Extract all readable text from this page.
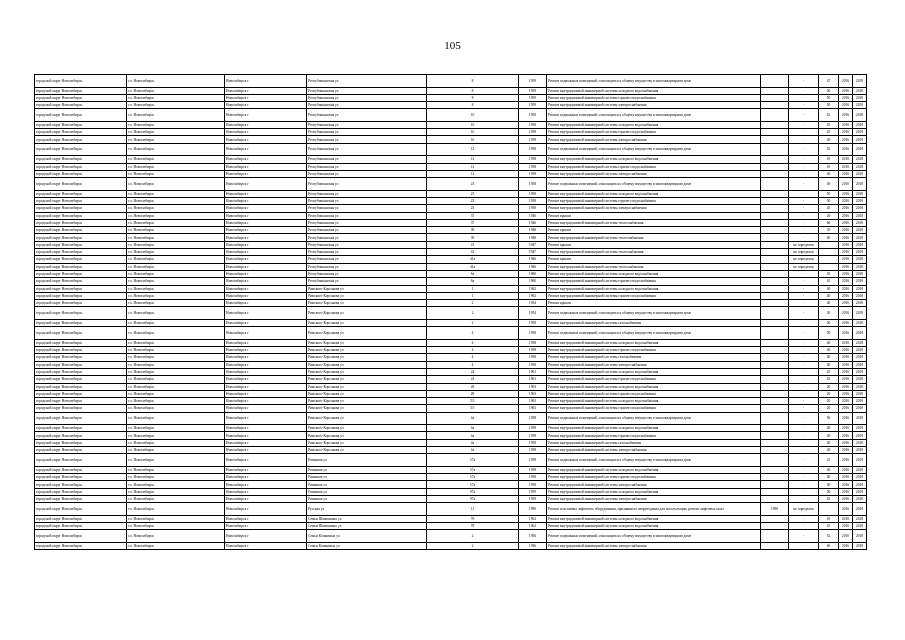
105
городской округ Новосибирск	г.о. Новосибирск	Новосибирск г	Республиканская ул	8	1959	Ремонт подвальных помещений, относящихся к общему имуществу в многоквартирном доме		-	47	2016	2018
городской округ Новосибирск	г.о. Новосибирск	Новосибирск г	Республиканская ул	8	1959	Ремонт внутридомовой инженерной системы холодного водоснабжения		-	50	2016	2018
городской округ Новосибирск	г.о. Новосибирск	Новосибирск г	Республиканская ул	8	1959	Ремонт внутридомовой инженерной системы горячего водоснабжения		-	50	2016	2018
городской округ Новосибирск	г.о. Новосибирск	Новосибирск г	Республиканская ул	8	1959	Ремонт внутридомовой инженерной системы электроснабжения		-	50	2016	2018
городской округ Новосибирск	г.о. Новосибирск	Новосибирск г	Республиканская ул	10	1958	Ремонт подвальных помещений, относящихся к общему имуществу в многоквартирном доме		-	43	2016	2018
городской округ Новосибирск	г.о. Новосибирск	Новосибирск г	Республиканская ул	10	1958	Ремонт внутридомовой инженерной системы холодного водоснабжения		-	45	2016	2018
городской округ Новосибирск	г.о. Новосибирск	Новосибирск г	Республиканская ул	10	1958	Ремонт внутридомовой инженерной системы горячего водоснабжения		-	45	2016	2018
городской округ Новосибирск	г.о. Новосибирск	Новосибирск г	Республиканская ул	10	1958	Ремонт внутридомовой инженерной системы электроснабжения		-	40	2016	2018
городской округ Новосибирск	г.о. Новосибирск	Новосибирск г	Республиканская ул	12	1958	Ремонт подвальных помещений, относящихся к общему имуществу в многоквартирном доме		-	43	2016	2018
городской округ Новосибирск	г.о. Новосибирск	Новосибирск г	Республиканская ул	12	1958	Ремонт внутридомовой инженерной системы холодного водоснабжения		-	45	2016	2018
городской округ Новосибирск	г.о. Новосибирск	Новосибирск г	Республиканская ул	12	1958	Ремонт внутридомовой инженерной системы горячего водоснабжения		-	45	2016	2018
городской округ Новосибирск	г.о. Новосибирск	Новосибирск г	Республиканская ул	12	1958	Ремонт внутридомовой инженерной системы электроснабжения		-	40	2016	2018
городской округ Новосибирск	г.о. Новосибирск	Новосибирск г	Республиканская ул	23	1958	Ремонт подвальных помещений, относящихся к общему имуществу в многоквартирном доме		-	49	2016	2018
городской округ Новосибирск	г.о. Новосибирск	Новосибирск г	Республиканская ул	23	1958	Ремонт внутридомовой инженерной системы холодного водоснабжения		-	50	2016	2018
городской округ Новосибирск	г.о. Новосибирск	Новосибирск г	Республиканская ул	23	1958	Ремонт внутридомовой инженерной системы горячего водоснабжения		-	50	2016	2018
городской округ Новосибирск	г.о. Новосибирск	Новосибирск г	Республиканская ул	23	1958	Ремонт внутридомовой инженерной системы электроснабжения		-	45	2016	2018
городской округ Новосибирск	г.о. Новосибирск	Новосибирск г	Республиканская ул	37	1946	Ремонт крыши		-	20	2016	2018
городской округ Новосибирск	г.о. Новосибирск	Новосибирск г	Республиканская ул	37	1946	Ремонт внутридомовой инженерной системы теплоснабжения		-	60	2016	2018
городской округ Новосибирск	г.о. Новосибирск	Новосибирск г	Республиканская ул	39	1948	Ремонт крыши		-	35	2016	2018
городской округ Новосибирск	г.о. Новосибирск	Новосибирск г	Республиканская ул	39	1948	Ремонт внутридомовой инженерной системы теплоснабжения		-	60	2016	2018
городской округ Новосибирск	г.о. Новосибирск	Новосибирск г	Республиканская ул	41	1947	Ремонт крыши		не определен		2016	2018
городской округ Новосибирск	г.о. Новосибирск	Новосибирск г	Республиканская ул	41	1947	Ремонт внутридомовой инженерной системы теплоснабжения		не определен		2016	2018
городской округ Новосибирск	г.о. Новосибирск	Новосибирск г	Республиканская ул	41а	1946	Ремонт крыши		не определен		2016	2018
городской округ Новосибирск	г.о. Новосибирск	Новосибирск г	Республиканская ул	41а	1946	Ремонт внутридомовой инженерной системы теплоснабжения		не определен		2016	2018
городской округ Новосибирск	г.о. Новосибирск	Новосибирск г	Республиканская ул	6а	1960	Ремонт внутридомовой инженерной системы холодного водоснабжения		-	45	2016	2018
городской округ Новосибирск	г.о. Новосибирск	Новосибирск г	Республиканская ул	6а	1960	Ремонт внутридомовой инженерной системы горячего водоснабжения		-	45	2016	2018
городской округ Новосибирск	г.о. Новосибирск	Новосибирск г	Римского-Корсакова ул	1	1962	Ремонт внутридомовой инженерной системы холодного водоснабжения		-	40	2016	2018
городской округ Новосибирск	г.о. Новосибирск	Новосибирск г	Римского-Корсакова ул	1	1962	Ремонт внутридомовой инженерной системы горячего водоснабжения		-	40	2016	2018
городской округ Новосибирск	г.о. Новосибирск	Новосибирск г	Римского-Корсакова ул	2	1954	Ремонт крыши		-	40	2016	2018
городской округ Новосибирск	г.о. Новосибирск	Новосибирск г	Римского-Корсакова ул	2	1954	Ремонт подвальных помещений, относящихся к общему имуществу в многоквартирном доме		-	30	2016	2018
городской округ Новосибирск	г.о. Новосибирск	Новосибирск г	Римского-Корсакова ул	2	1958	Ремонт внутридомовой инженерной системы газоснабжения		-	50	2016	2018
городской округ Новосибирск	г.о. Новосибирск	Новосибирск г	Римского-Корсакова ул	4	1958	Ремонт подвальных помещений, относящихся к общему имуществу в многоквартирном доме		-	50	2016	2018
городской округ Новосибирск	г.о. Новосибирск	Новосибирск г	Римского-Корсакова ул	4	1958	Ремонт внутридомовой инженерной системы холодного водоснабжения		-	40	2016	2018
городской округ Новосибирск	г.о. Новосибирск	Новосибирск г	Римского-Корсакова ул	4	1958	Ремонт внутридомовой инженерной системы горячего водоснабжения		-	40	2016	2018
городской округ Новосибирск	г.о. Новосибирск	Новосибирск г	Римского-Корсакова ул	4	1958	Ремонт внутридомовой инженерной системы газоснабжения		-	40	2016	2018
городской округ Новосибирск	г.о. Новосибирск	Новосибирск г	Римского-Корсакова ул	4	1958	Ремонт внутридомовой инженерной системы электроснабжения		-	40	2016	2018
городской округ Новосибирск	г.о. Новосибирск	Новосибирск г	Римского-Корсакова ул	24	1961	Ремонт внутридомовой инженерной системы холодного водоснабжения		-	45	2016	2018
городской округ Новосибирск	г.о. Новосибирск	Новосибирск г	Римского-Корсакова ул	24	1961	Ремонт внутридомовой инженерной системы горячего водоснабжения		-	45	2016	2018
городской округ Новосибирск	г.о. Новосибирск	Новосибирск г	Римского-Корсакова ул	28	1963	Ремонт внутридомовой инженерной системы холодного водоснабжения		-	20	2016	2018
городской округ Новосибирск	г.о. Новосибирск	Новосибирск г	Римского-Корсакова ул	28	1963	Ремонт внутридомовой инженерной системы горячего водоснабжения		-	20	2016	2018
городской округ Новосибирск	г.о. Новосибирск	Новосибирск г	Римского-Корсакова ул	5/1	1963	Ремонт внутридомовой инженерной системы холодного водоснабжения		-	20	2016	2018
городской округ Новосибирск	г.о. Новосибирск	Новосибирск г	Римского-Корсакова ул	5/1	1963	Ремонт внутридомовой инженерной системы горячего водоснабжения		-	20	2016	2018
городской округ Новосибирск	г.о. Новосибирск	Новосибирск г	Римского-Корсакова ул	4а	1958	Ремонт подвальных помещений, относящихся к общему имуществу в многоквартирном доме		-	50	2016	2018
городской округ Новосибирск	г.о. Новосибирск	Новосибирск г	Римского-Корсакова ул	4а	1958	Ремонт внутридомовой инженерной системы холодного водоснабжения		-	40	2016	2018
городской округ Новосибирск	г.о. Новосибирск	Новосибирск г	Римского-Корсакова ул	4а	1958	Ремонт внутридомовой инженерной системы горячего водоснабжения		-	40	2016	2018
городской округ Новосибирск	г.о. Новосибирск	Новосибирск г	Римского-Корсакова ул	4а	1958	Ремонт внутридомовой инженерной системы газоснабжения		-	40	2016	2018
городской округ Новосибирск	г.о. Новосибирск	Новосибирск г	Римского-Корсакова ул	4а	1958	Ремонт внутридомовой инженерной системы электроснабжения		-	40	2016	2018
городской округ Новосибирск	г.о. Новосибирск	Новосибирск г	Романова ул	57а	1958	Ремонт подвальных помещений, относящихся к общему имуществу в многоквартирном доме		-	41	2016	2018
городской округ Новосибирск	г.о. Новосибирск	Новосибирск г	Романова ул	57а	1958	Ремонт внутридомовой инженерной системы холодного водоснабжения		-	40	2016	2018
городской округ Новосибирск	г.о. Новосибирск	Новосибирск г	Романова ул	57а	1958	Ремонт внутридомовой инженерной системы горячего водоснабжения		-	40	2016	2018
городской округ Новосибирск	г.о. Новосибирск	Новосибирск г	Романова ул	57а	1958	Ремонт внутридомовой инженерной системы электроснабжения		-	40	2016	2018
городской округ Новосибирск	г.о. Новосибирск	Новосибирск г	Романова ул	97а	1959	Ремонт внутридомовой инженерной системы холодного водоснабжения		-	50	2016	2018
городской округ Новосибирск	г.о. Новосибирск	Новосибирск г	Романова ул	97а	1959	Ремонт внутридомовой инженерной системы электроснабжения		-	45	2016	2018
городской округ Новосибирск	г.о. Новосибирск	Новосибирск г	Русская ул	11	1990	Ремонт или замена лифтового оборудования, признанного непригодным для эксплуатации, ремонт лифтовых шахт	1990	не определен		2016	2018
городской округ Новосибирск	г.о. Новосибирск	Новосибирск г	Семьи Шамшиных ул	76	1962	Ремонт внутридомовой инженерной системы холодного водоснабжения		-	45	2016	2018
городской округ Новосибирск	г.о. Новосибирск	Новосибирск г	Семьи Шамшиных ул	78	1962	Ремонт внутридомовой инженерной системы холодного водоснабжения		-	45	2016	2018
городской округ Новосибирск	г.о. Новосибирск	Новосибирск г	Семьи Кошкиных ул	2	1956	Ремонт подвальных помещений, относящихся к общему имуществу в многоквартирном доме		-	52	2016	2018
городской округ Новосибирск	г.о. Новосибирск	Новосибирск г	Семьи Кошкиных ул	2	1956	Ремонт внутридомовой инженерной системы электроснабжения		-	60	2016	2018
